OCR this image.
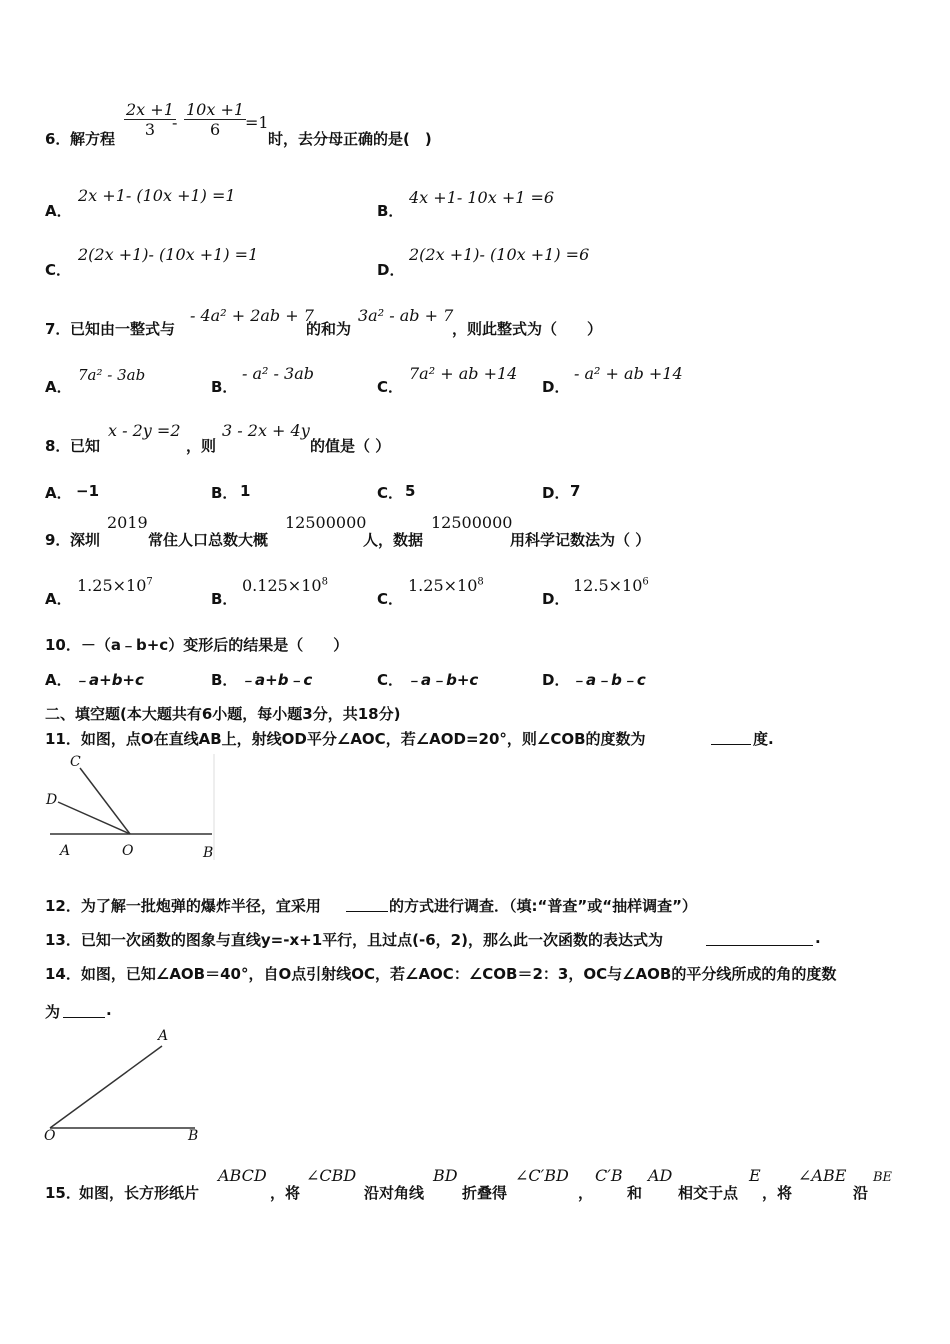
6． 解方程 $\frac{2x +1}{3}$
- $\frac{10x +1}{6}$
=1
时，去分母正确的是(　)
A．
2x +1- (10x +1) =1
B．
4x +1- 10x +1 =6
C．
2(2x +1)- (10x +1) =1
D．
2(2x +1)- (10x +1) =6
7． 已知由一整式与
- 4a² + 2ab + 7
的和为
3a² - ab + 7
，则此整式为（　　）
A．
7a² - 3ab
B．
- a² - 3ab
C．
7a² + ab +14
D．
- a² + ab +14
8． 已知
x - 2y =2
，则
3 - 2x + 4y
的值是（ ）
A． −1	B． 1	C． 5	D． 7
9． 深圳
2019
常住人口总数大概
12500000
人，数据
12500000
用科学记数法为（ ）
A．
$1.25\times 10^7$
B．
$0.125\times 10^8$
C．
$1.25\times 10^8$
D．
$12.5\times 10^6$
10．－（a﹣b+c）变形后的结果是（　　）
A． ﹣a+b+c	B． ﹣a+b﹣c	C． ﹣a﹣b+c	D． ﹣a﹣b﹣c
二、填空题(本大题共有6小题，每小题3分，共18分)
11．如图，点O在直线AB上，射线OD平分∠AOC，若∠AOD=20°，则∠COB的度数为	度.
C
D
A	O	B
12．为了解一批炮弹的爆炸半径，宜采用	的方式进行调查．（填:“普查”或“抽样调查”）
13．已知一次函数的图象与直线y=-x+1平行，且过点(-6，2)，那么此一次函数的表达式为	.
14．如图，已知∠AOB＝40°，自O点引射线OC，若∠AOC：∠COB＝2：3，OC与∠AOB的平分线所成的角的度数
为	.
A
O	B
15．
如图，长方形纸片
ABCD
，将
∠CBD
沿对角线
BD
折叠得
∠C′BD
，
C′B
和
AD
相交于点
E
，将
∠ABE
沿
BE
